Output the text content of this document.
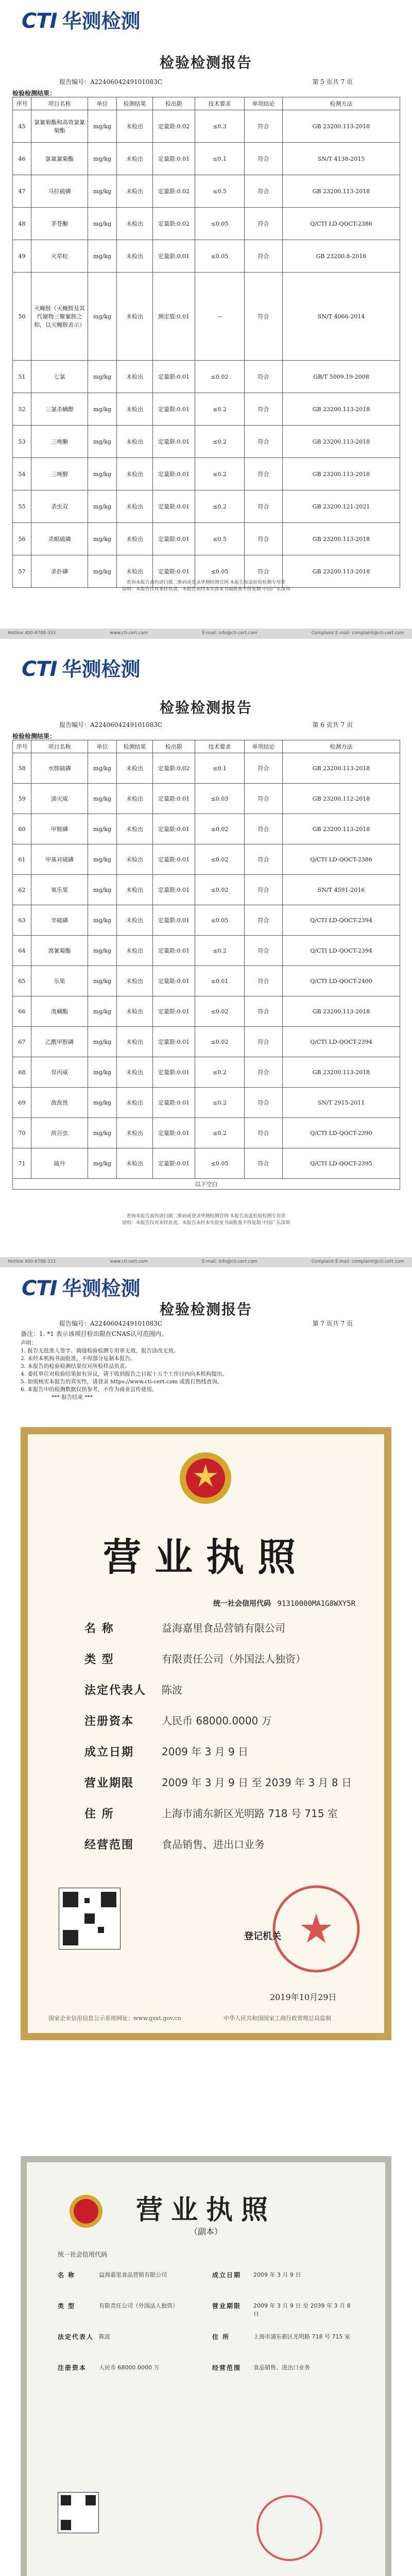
CTI 华测检测
检验检测报告
报告编号：A2240604249101083C	第 5 页共 7 页
检验检测结果：
序号	项目名称	单位	检测结果	检出限	技术要求	单项结论	检测方法
45	氯氰菊酯和高效氯氰菊酯	mg/kg	未检出	定量限:0.02	≤0.3	符合	GB 23200.113-2018
46	氯氟氰菊酯	mg/kg	未检出	定量限:0.01	≤0.1	符合	SN/T 4138-2015
47	马拉硫磷	mg/kg	未检出	定量限:0.02	≤0.5	符合	GB 23200.113-2018
48	茅苍酮	mg/kg	未检出	定量限:0.02	≤0.05	符合	Q/CTI LD-QOCT-2386
49	灭草松	mg/kg	未检出	定量限:0.01	≤0.05	符合	GB 23200.8-2016
50	灭蝇胺（灭蝇胺及其代谢物三聚氰胺之和，以灭蝇胺表示）	mg/kg	未检出	测定值:0.01	—	符合	SN/T 4066-2014
51	七氯	mg/kg	未检出	定量限:0.01	≤0.02	符合	GB/T 5009.19-2008
52	三氯杀螨醇	mg/kg	未检出	定量限:0.01	≤0.2	符合	GB 23200.113-2018
53	三唑酮	mg/kg	未检出	定量限:0.01	≤0.2	符合	GB 23200.113-2018
54	三唑醇	mg/kg	未检出	定量限:0.01	≤0.2	符合	GB 23200.113-2018
55	杀虫双	mg/kg	未检出	定量限:0.01	≤0.2	符合	GB 23200.121-2021
56	杀螟硫磷	mg/kg	未检出	定量限:0.01	≤0.5	符合	GB 23200.113-2018
57	杀扑磷	mg/kg	未检出	定量限:0.01	≤0.05	符合	GB 23200.113-2018
查询本报告真伪请扫描二维码或登录华测检测官网 本报告加盖检验检测专用章
说明：本报告仅对来样负责，本报告未经本实验室书面批准不得复制 中国广东深圳
Hotline 400-6788-333	www.cti-cert.com	E-mail: info@cti-cert.com	Complaint E-mail: complaint@cti-cert.com
CTI 华测检测
检验检测报告
报告编号：A2240604249101083C	第 6 页共 7 页
检验检测结果：
序号	项目名称	单位	检测结果	检出限	技术要求	单项结论	检测方法
58	水胺硫磷	mg/kg	未检出	定量限:0.02	≤0.1	符合	GB 23200.113-2018
59	涕灭威	mg/kg	未检出	定量限:0.01	≤0.03	符合	GB 23200.112-2018
60	甲胺磷	mg/kg	未检出	定量限:0.01	≤0.02	符合	GB 23200.113-2018
61	甲基对硫磷	mg/kg	未检出	定量限:0.01	≤0.02	符合	Q/CTI LD-QOCT-2386
62	氧乐果	mg/kg	未检出	定量限:0.01	≤0.02	符合	SN/T 4591-2016
63	辛硫磷	mg/kg	未检出	定量限:0.01	≤0.05	符合	Q/CTI LD-QOCT-2394
64	溴氰菊酯	mg/kg	未检出	定量限:0.01	≤0.2	符合	Q/CTI LD-QOCT-2394
65	乐果	mg/kg	未检出	定量限:0.01	≤0.01	符合	Q/CTI LD-QOCT-2400
66	溴螨酯	mg/kg	未检出	定量限:0.01	≤0.02	符合	GB 23200.113-2018
67	乙酰甲胺磷	mg/kg	未检出	定量限:0.01	≤0.02	符合	Q/CTI LD-QOCT-2394
68	异丙威	mg/kg	未检出	定量限:0.01	≤0.2	符合	GB 23200.113-2018
69	敌敌畏	mg/kg	未检出	定量限:0.01	≤0.2	符合	SN/T 2915-2011
70	敌百虫	mg/kg	未检出	定量限:0.01	≤0.2	符合	Q/CTI LD-QOCT-2390
71	硫丹	mg/kg	未检出	定量限:0.01	≤0.05	符合	Q/CTI LD-QOCT-2395
以下空白							
查询本报告真伪请扫描二维码或登录华测检测官网 本报告加盖检验检测专用章
说明：本报告仅对来样负责，本报告未经本实验室书面批准不得复制 中国广东深圳
Hotline 400-6788-333	www.cti-cert.com	E-mail: info@cti-cert.com	Complaint E-mail: complaint@cti-cert.com
CTI 华测检测
检验检测报告
报告编号：A2240604249101083C	第 7 页共 7 页
备注：1. *1 表示该项目检出限在CNAS认可范围内。
营业执照
统一社会信用代码 91310000MA1G8WXY5R
名 称	益海嘉里食品营销有限公司
类 型	有限责任公司（外国法人独资）
法定代表人	陈波
注册资本	人民币 68000.0000 万
成立日期	2009 年 3 月 9 日
营业期限	2009 年 3 月 9 日 至 2039 年 3 月 8 日
住 所	上海市浦东新区光明路 718 号 715 室
经营范围	食品销售、进出口业务
登记机关
2019年10月29日
国家企业信用信息公示系统网址：www.gsxt.gov.cn	中华人民共和国国家工商行政管理总局监制
营业执照
（副本）
统一社会信用代码
名 称	益海嘉里食品营销有限公司
类 型	有限责任公司（外国法人独资）
法定代表人 陈波
注册资本	人民币 68000.0000 万
成立日期	2009 年 3 月 9 日
营业期限	2009 年 3 月 9 日 至 2039 年 3 月 8 日
住 所	上海市浦东新区光明路 718 号 715 室
经营范围	食品销售、进出口业务
声明：
1. 报告无批准人签字、骑缝检验检测专用章无效，报告涂改无效。
2. 未经本机构书面批准，不得部分复制本报告。
3. 本报告的检验检测结果仅对所检样品负责。
4. 委托单位对检验结果如有异议，请于收到报告之日起十五个工作日内向本机构提出。
5. 如需核实本报告的真实性，请登录 https://www.cti-cert.com 或拨打热线查询。
6. 本报告中的检测数据仅供参考，不作为商业宣传使用。
*** 报告结束 ***
